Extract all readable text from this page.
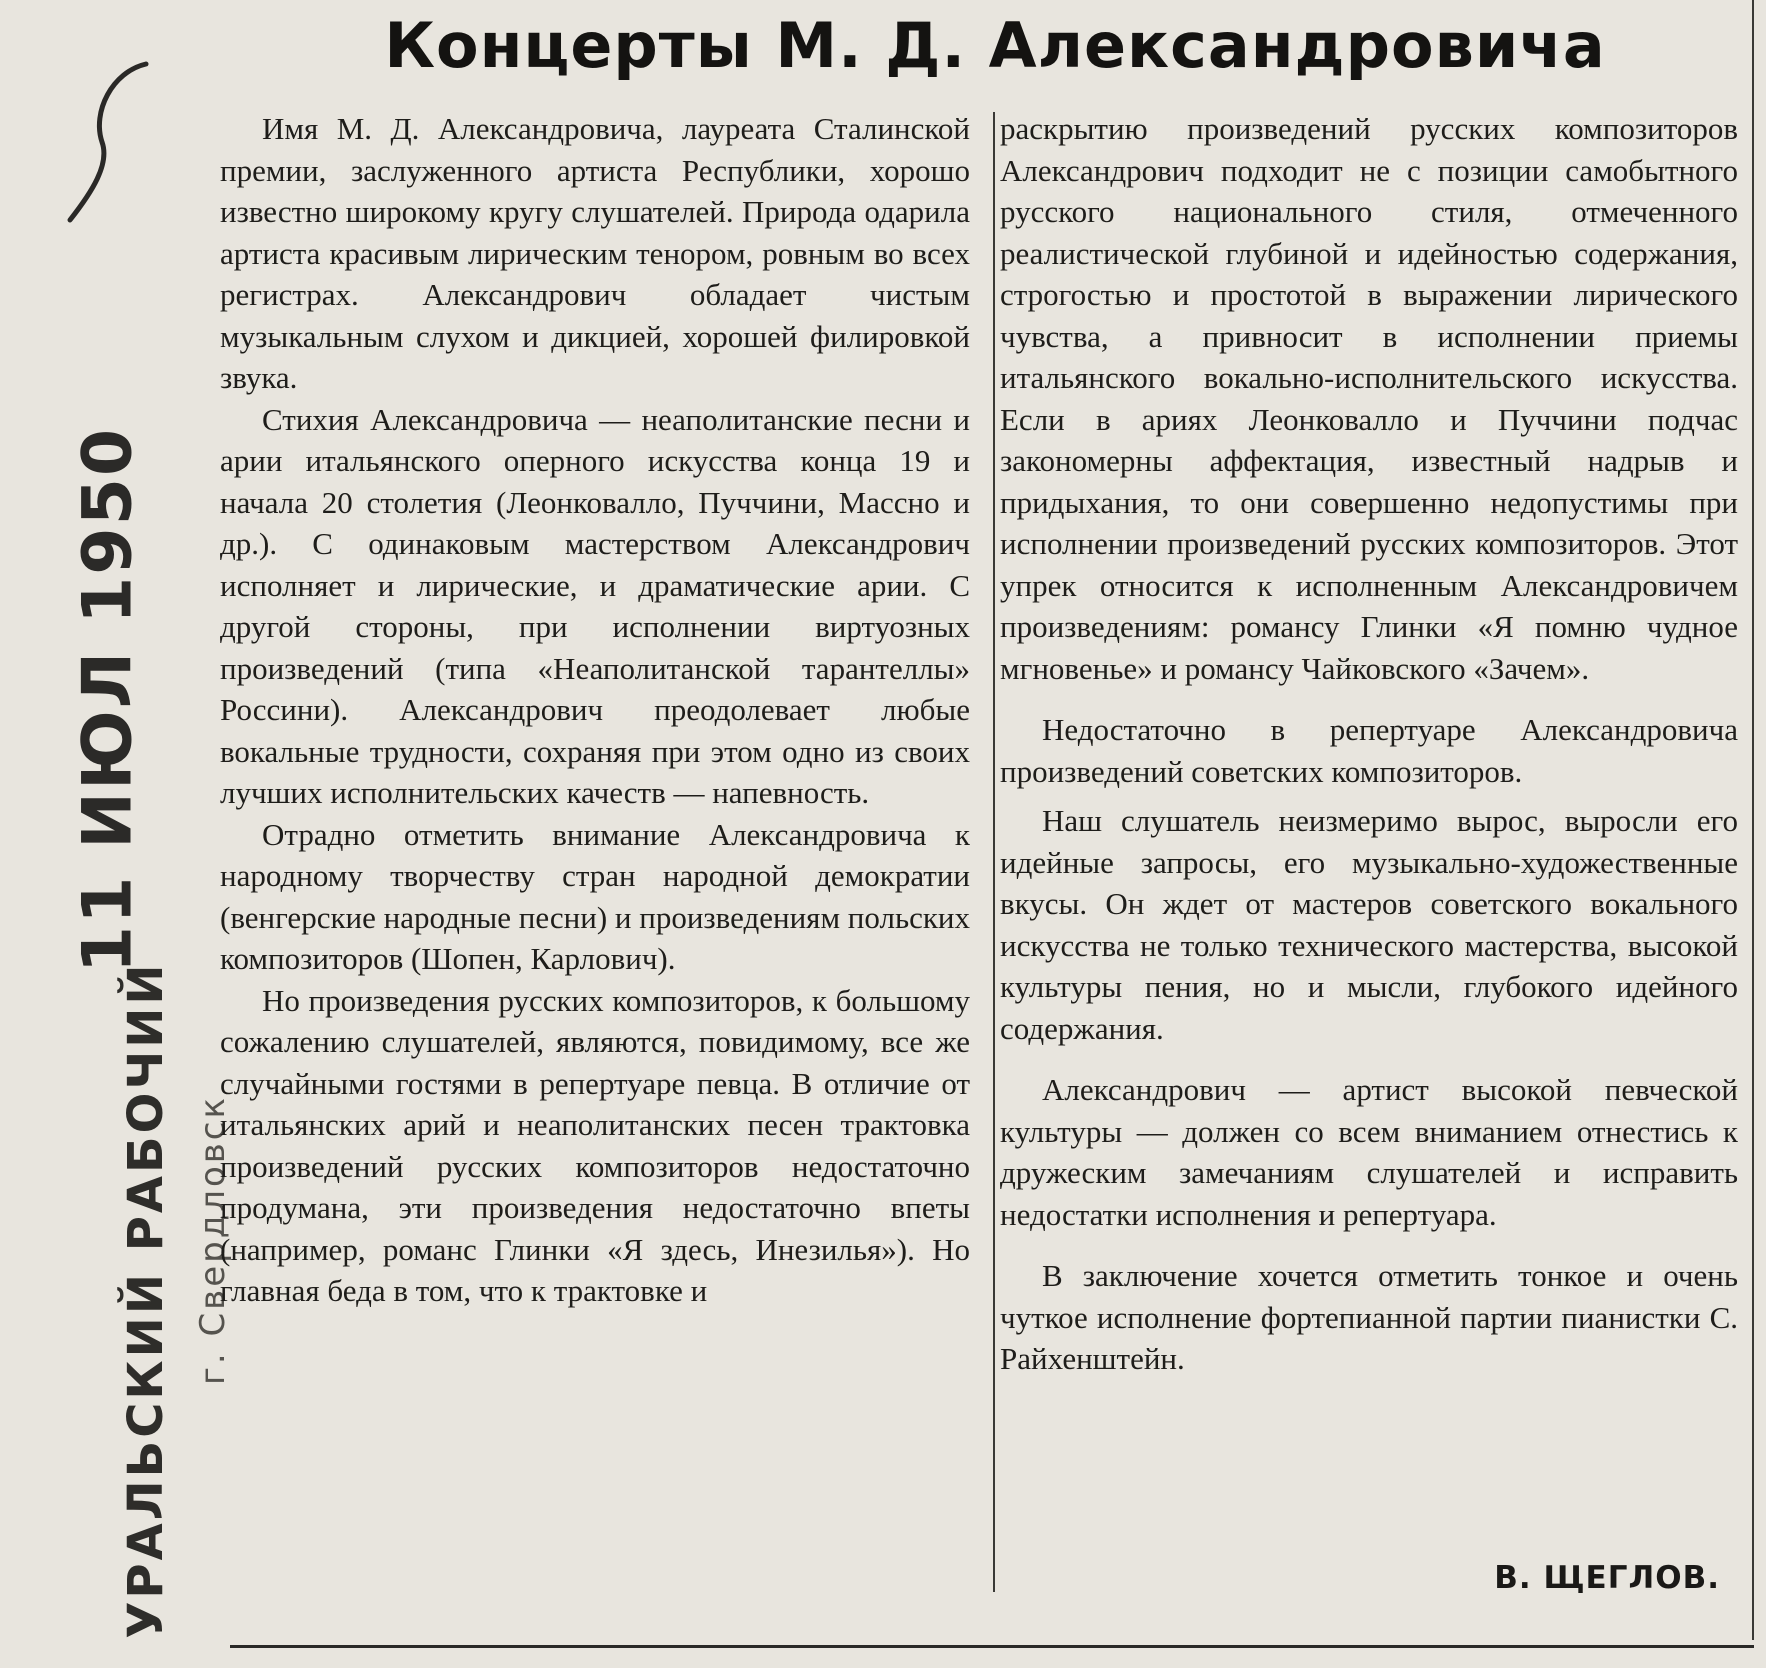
11 ИЮЛ 1950
УРАЛЬСКИЙ РАБОЧИЙ г. Свердловск
Концерты М. Д. Александровича

Имя М. Д. Александровича, лауреата Сталинской премии, заслуженного артиста Республики, хорошо известно широкому кругу слушателей. Природа одарила артиста красивым лирическим тенором, ровным во всех регистрах. Александрович обладает чистым музыкальным слухом и дикцией, хорошей филировкой звука.

Стихия Александровича — неаполитанские песни и арии итальянского оперного искусства конца 19 и начала 20 столетия (Леонковалло, Пуччини, Массно и др.). С одинаковым мастерством Александрович исполняет и лирические, и драматические арии. С другой стороны, при исполнении виртуозных произведений (типа «Неаполитанской тарантеллы» Россини). Александрович преодолевает любые вокальные трудности, сохраняя при этом одно из своих лучших исполнительских качеств — напевность.

Отрадно отметить внимание Александровича к народному творчеству стран народной демократии (венгерские народные песни) и произведениям польских композиторов (Шопен, Карлович).

Но произведения русских композиторов, к большому сожалению слушателей, являются, повидимому, все же случайными гостями в репертуаре певца. В отличие от итальянских арий и неаполитанских песен трактовка произведений русских композиторов недостаточно продумана, эти произведения недостаточно впеты (например, романс Глинки «Я здесь, Инезилья»). Но главная беда в том, что к трактовке и

раскрытию произведений русских композиторов Александрович подходит не с позиции самобытного русского национального стиля, отмеченного реалистической глубиной и идейностью содержания, строгостью и простотой в выражении лирического чувства, а привносит в исполнении приемы итальянского вокально-исполнительского искусства. Если в ариях Леонковалло и Пуччини подчас закономерны аффектация, известный надрыв и придыхания, то они совершенно недопустимы при исполнении произведений русских композиторов. Этот упрек относится к исполненным Александровичем произведениям: романсу Глинки «Я помню чудное мгновенье» и романсу Чайковского «Зачем».

Недостаточно в репертуаре Александровича произведений советских композиторов.

Наш слушатель неизмеримо вырос, выросли его идейные запросы, его музыкально-художественные вкусы. Он ждет от мастеров советского вокального искусства не только технического мастерства, высокой культуры пения, но и мысли, глубокого идейного содержания.

Александрович — артист высокой певческой культуры — должен со всем вниманием отнестись к дружеским замечаниям слушателей и исправить недостатки исполнения и репертуара.

В заключение хочется отметить тонкое и очень чуткое исполнение фортепианной партии пианистки С. Райхенштейн.

В. ЩЕГЛОВ.
